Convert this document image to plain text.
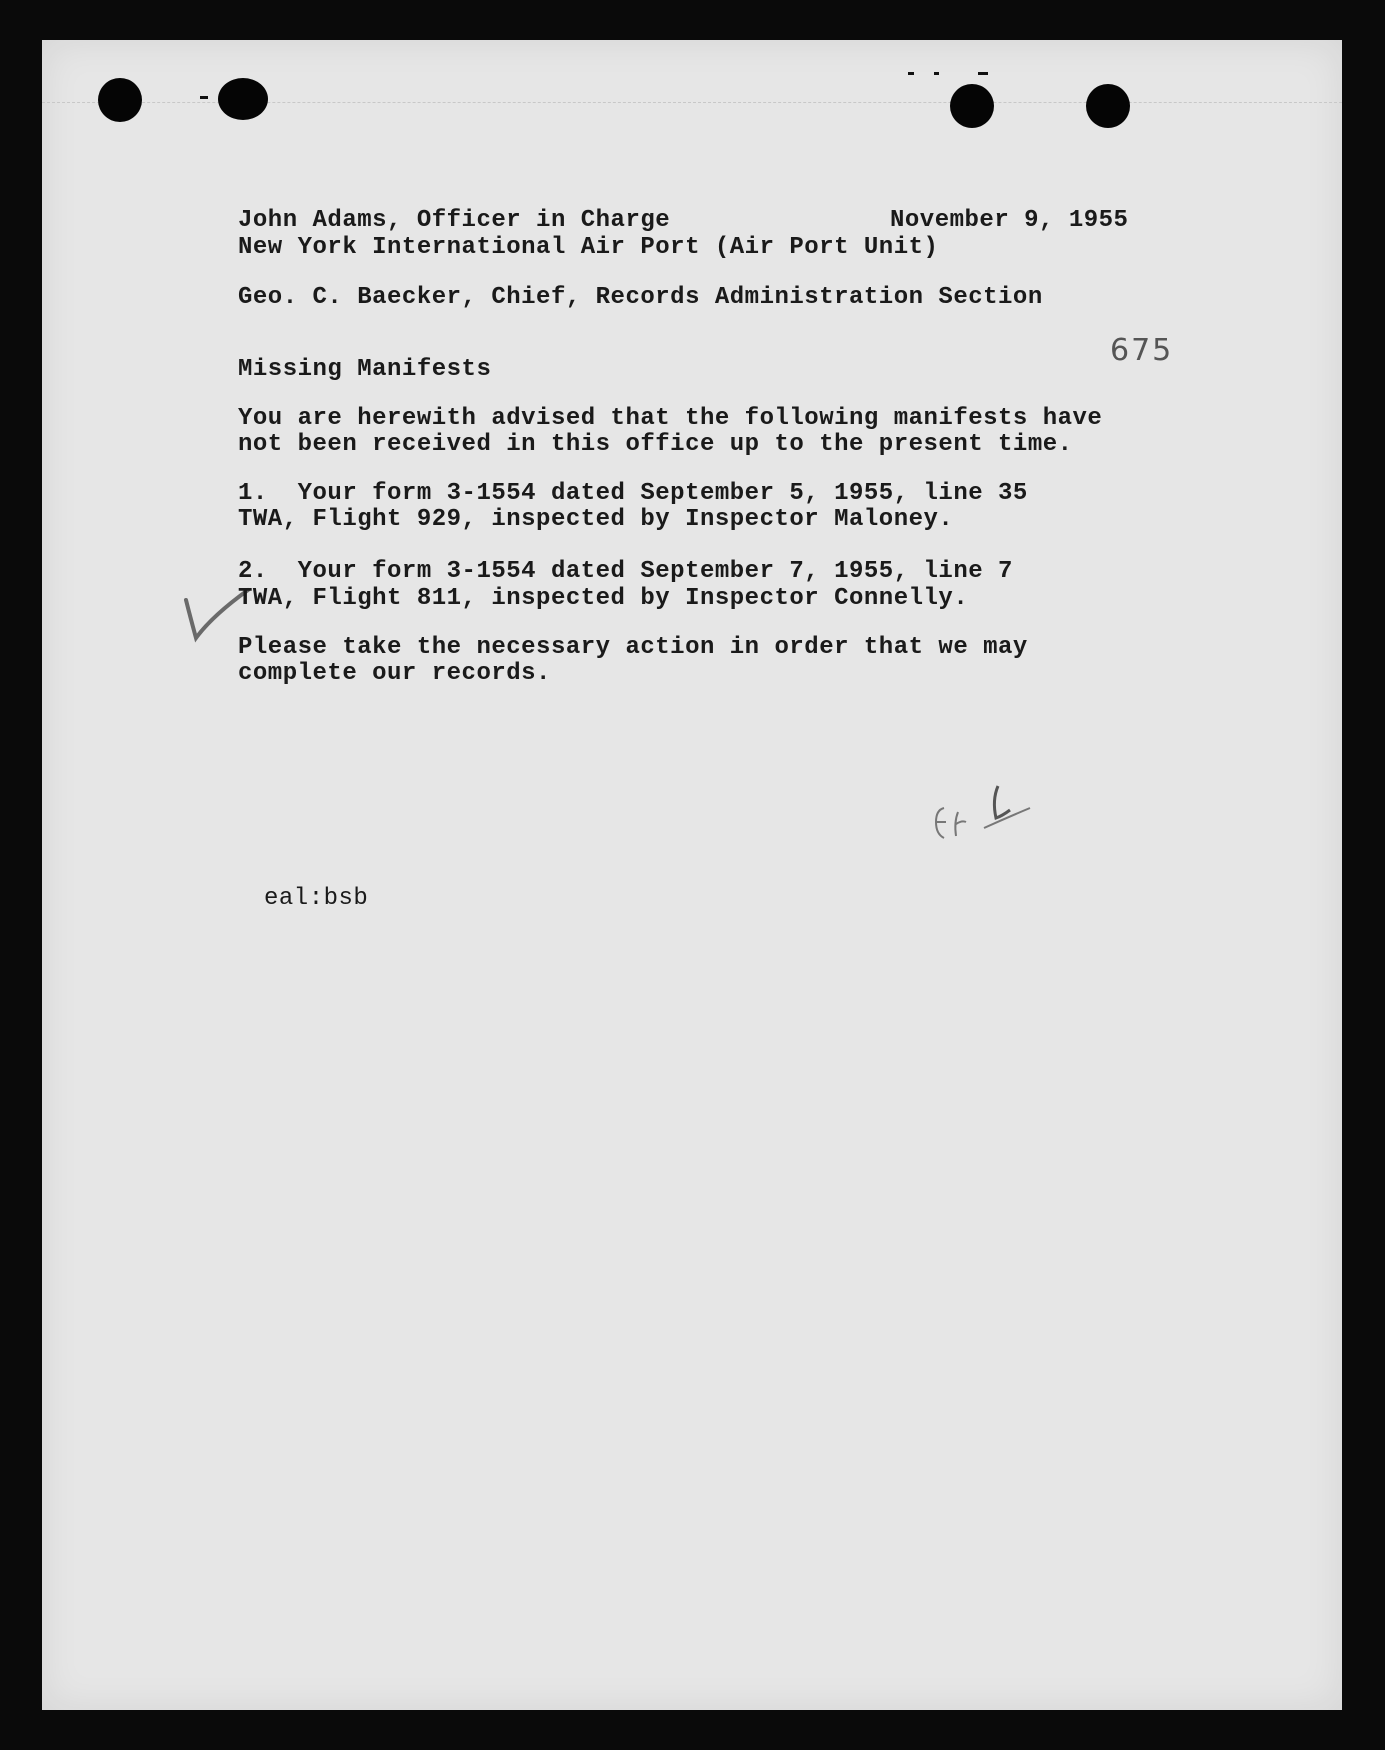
John Adams, Officer in Charge	November 9, 1955
New York International Air Port (Air Port Unit)
Geo. C. Baecker, Chief, Records Administration Section
675
Missing Manifests
You are herewith advised that the following manifests have
not been received in this office up to the present time.
1.  Your form 3-1554 dated September 5, 1955, line 35
TWA, Flight 929, inspected by Inspector Maloney.
2.  Your form 3-1554 dated September 7, 1955, line 7
TWA, Flight 811, inspected by Inspector Connelly.
Please take the necessary action in order that we may
complete our records.
eal:bsb
